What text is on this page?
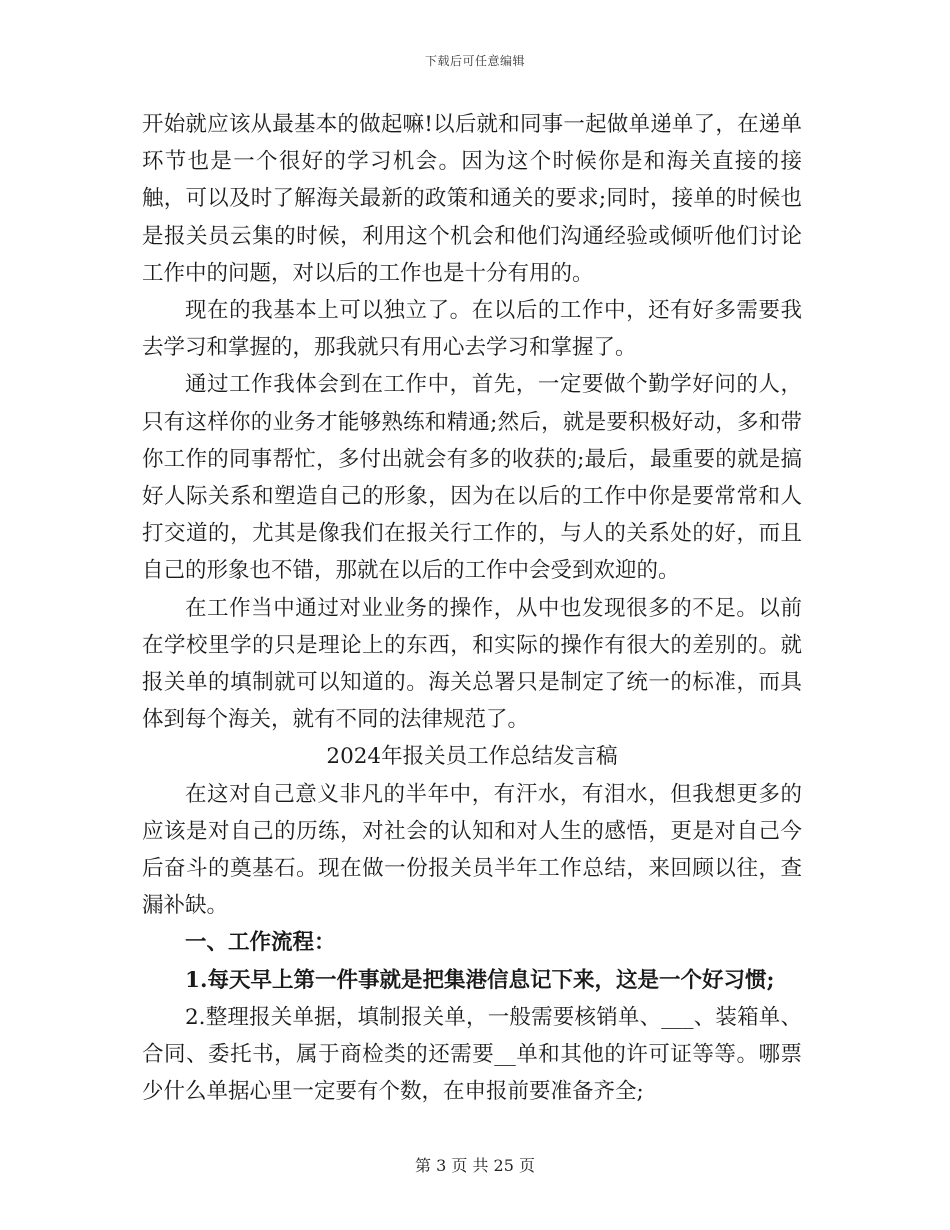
下载后可任意编辑

开始就应该从最基本的做起嘛!以后就和同事一起做单递单了，在递单环节也是一个很好的学习机会。因为这个时候你是和海关直接的接触，可以及时了解海关最新的政策和通关的要求;同时，接单的时候也是报关员云集的时候，利用这个机会和他们沟通经验或倾听他们讨论工作中的问题，对以后的工作也是十分有用的。

现在的我基本上可以独立了。在以后的工作中，还有好多需要我去学习和掌握的，那我就只有用心去学习和掌握了。

通过工作我体会到在工作中，首先，一定要做个勤学好问的人，只有这样你的业务才能够熟练和精通;然后，就是要积极好动，多和带你工作的同事帮忙，多付出就会有多的收获的;最后，最重要的就是搞好人际关系和塑造自己的形象，因为在以后的工作中你是要常常和人打交道的，尤其是像我们在报关行工作的，与人的关系处的好，而且自己的形象也不错，那就在以后的工作中会受到欢迎的。

在工作当中通过对业业务的操作，从中也发现很多的不足。以前在学校里学的只是理论上的东西，和实际的操作有很大的差别的。就报关单的填制就可以知道的。海关总署只是制定了统一的标准，而具体到每个海关，就有不同的法律规范了。

2024年报关员工作总结发言稿

在这对自己意义非凡的半年中，有汗水，有泪水，但我想更多的应该是对自己的历练，对社会的认知和对人生的感悟，更是对自己今后奋斗的奠基石。现在做一份报关员半年工作总结，来回顾以往，查漏补缺。

一、工作流程：

1.每天早上第一件事就是把集港信息记下来，这是一个好习惯;

2.整理报关单据，填制报关单，一般需要核销单、___、装箱单、合同、委托书，属于商检类的还需要__单和其他的许可证等等。哪票少什么单据心里一定要有个数，在申报前要准备齐全;

第 3 页 共 25 页
